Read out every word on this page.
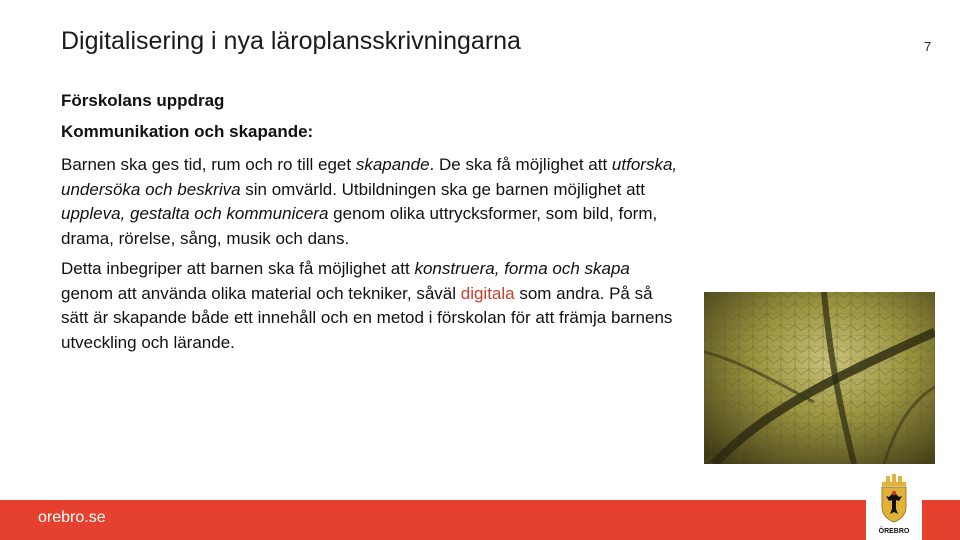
Digitalisering i nya läroplansskrivningarna	7

Förskolans uppdrag

Kommunikation och skapande:

Barnen ska ges tid, rum och ro till eget skapande. De ska få möjlighet att utforska, undersöka och beskriva sin omvärld. Utbildningen ska ge barnen möjlighet att uppleva, gestalta och kommunicera genom olika uttrycksformer, som bild, form, drama, rörelse, sång, musik och dans.

Detta inbegriper att barnen ska få möjlighet att konstruera, forma och skapa genom att använda olika material och tekniker, såväl digitala som andra. På så sätt är skapande både ett innehåll och en metod i förskolan för att främja barnens utveckling och lärande.

orebro.se
ÖREBRO
